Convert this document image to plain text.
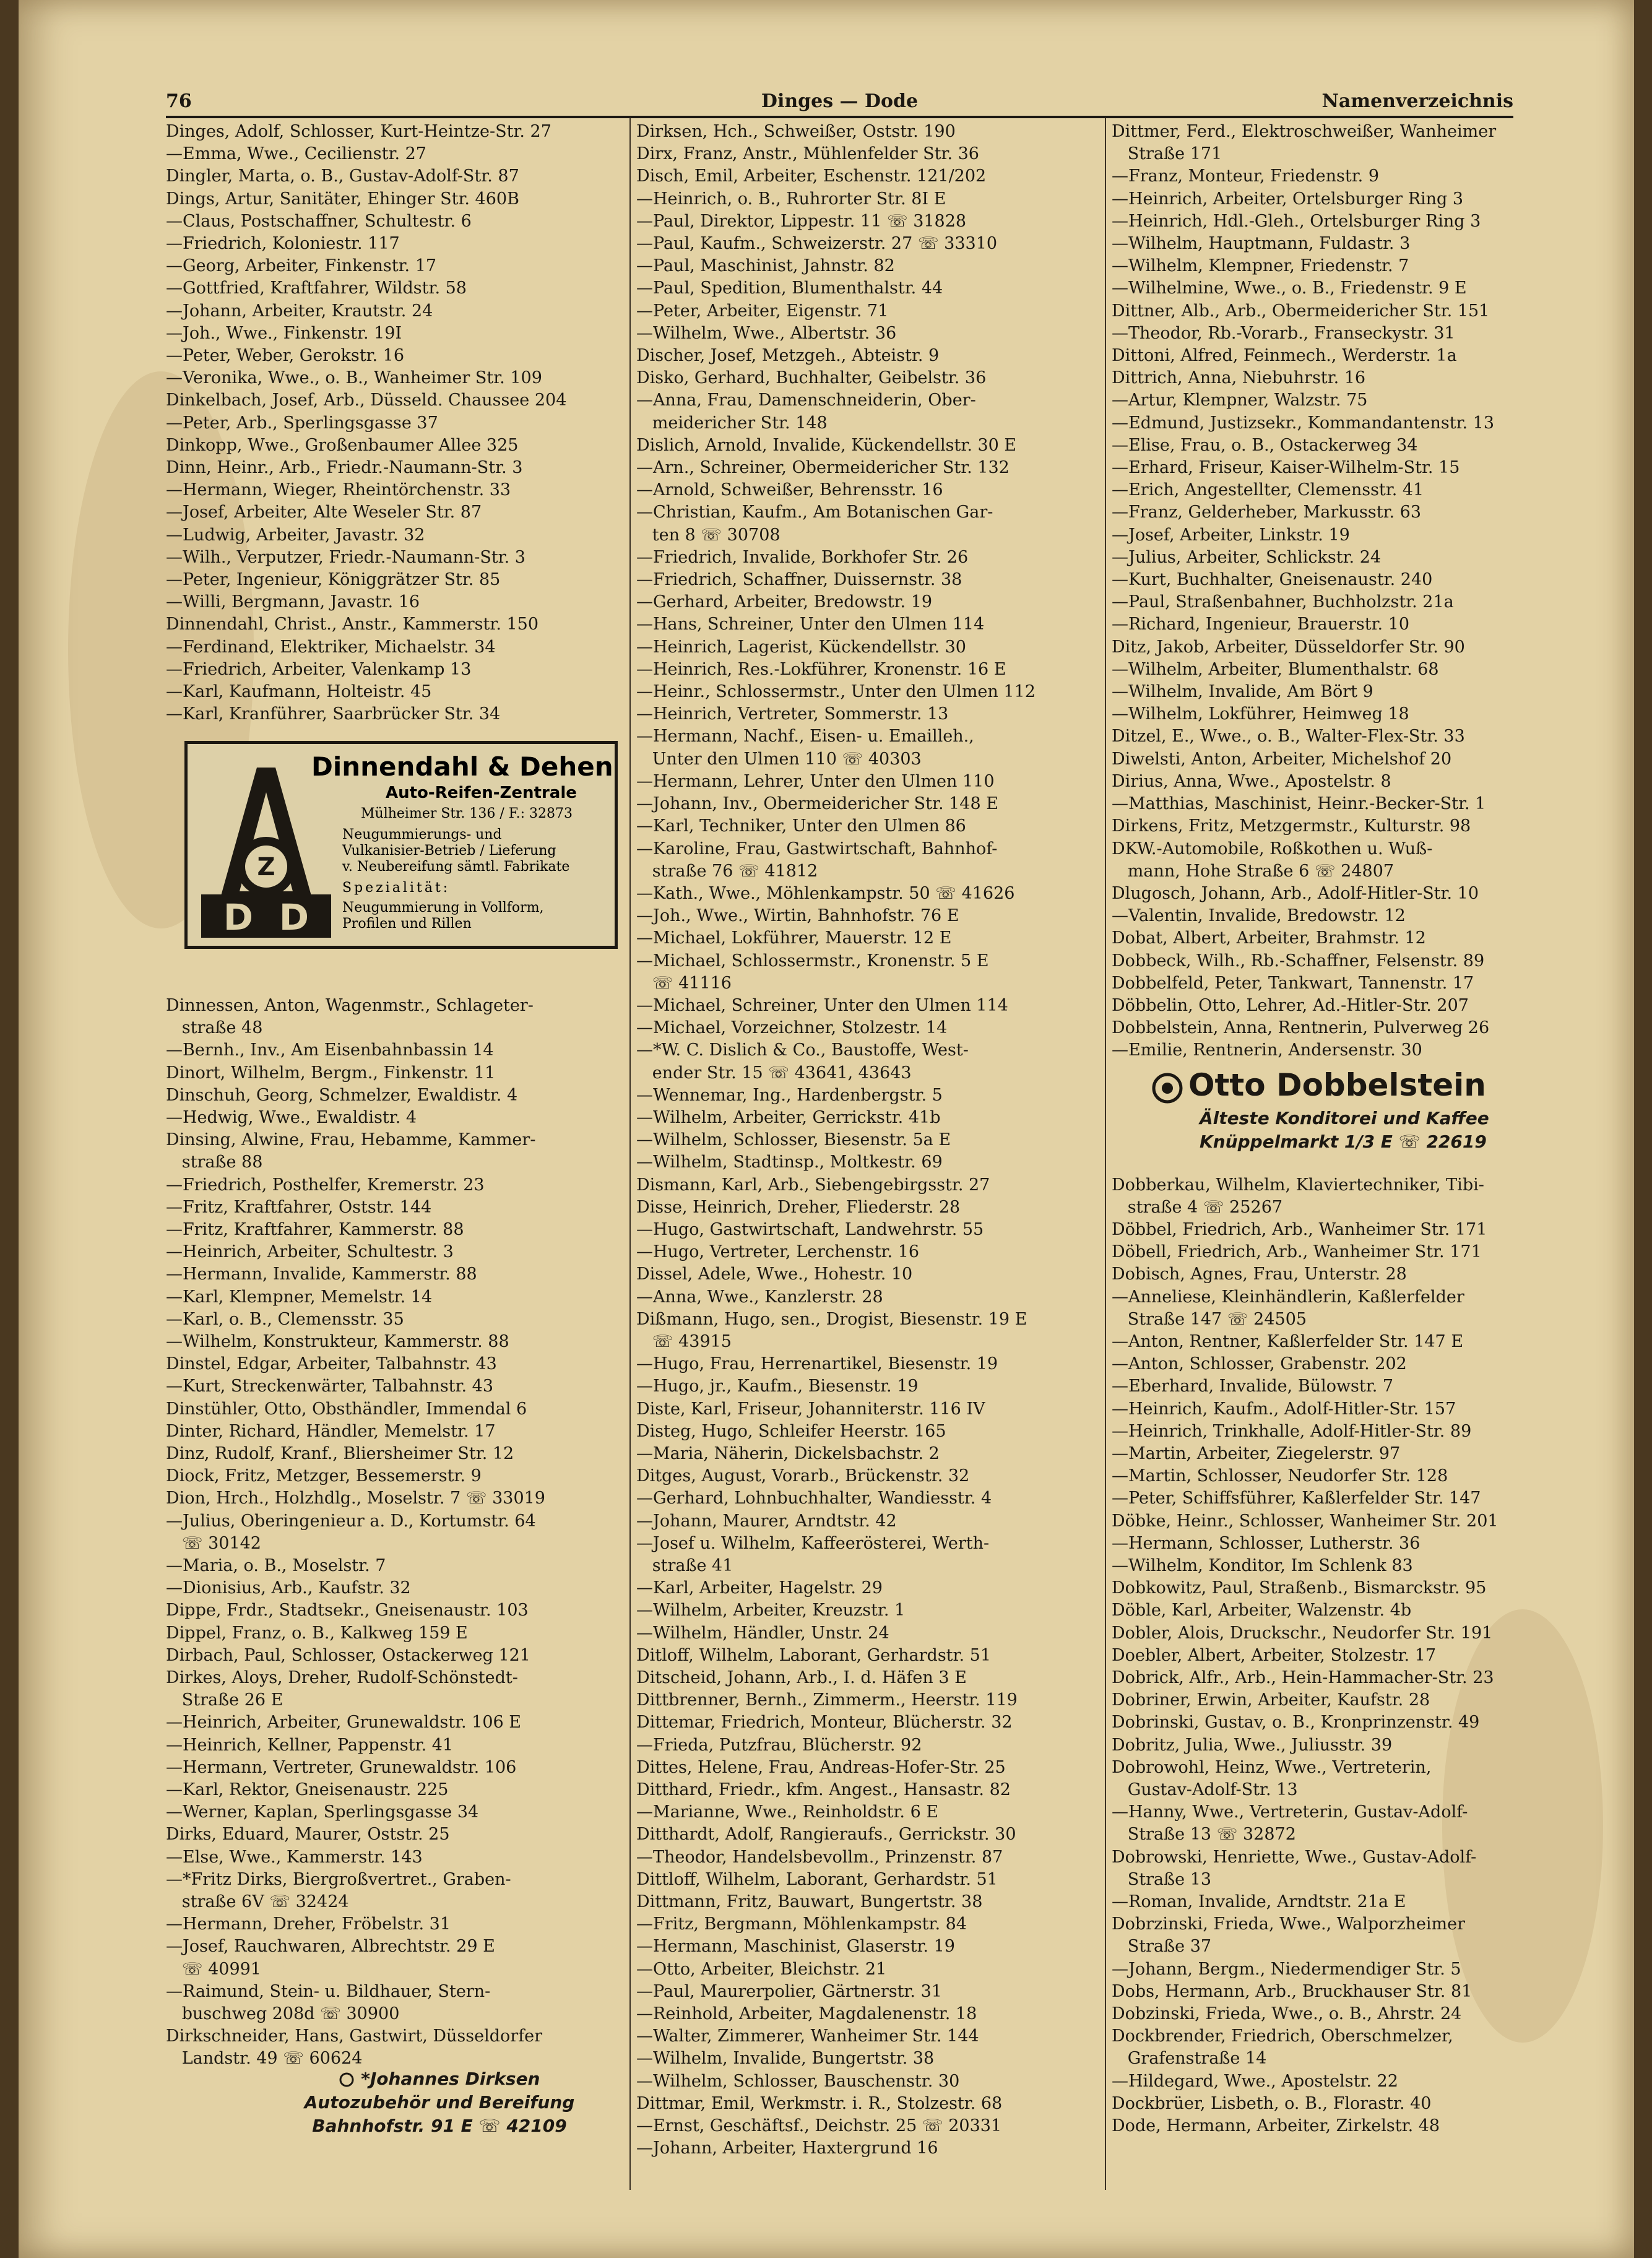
76	Dinges — Dode	Namenverzeichnis
Dinges, Adolf, Schlosser, Kurt-Heintze-Str. 27
—Emma, Wwe., Cecilienstr. 27
Dingler, Marta, o. B., Gustav-Adolf-Str. 87
Dings, Artur, Sanitäter, Ehinger Str. 460B
—Claus, Postschaffner, Schultestr. 6
—Friedrich, Koloniestr. 117
—Georg, Arbeiter, Finkenstr. 17
—Gottfried, Kraftfahrer, Wildstr. 58
—Johann, Arbeiter, Krautstr. 24
—Joh., Wwe., Finkenstr. 19I
—Peter, Weber, Gerokstr. 16
—Veronika, Wwe., o. B., Wanheimer Str. 109
Dinkelbach, Josef, Arb., Düsseld. Chaussee 204
—Peter, Arb., Sperlingsgasse 37
Dinkopp, Wwe., Großenbaumer Allee 325
Dinn, Heinr., Arb., Friedr.-Naumann-Str. 3
—Hermann, Wieger, Rheintörchenstr. 33
—Josef, Arbeiter, Alte Weseler Str. 87
—Ludwig, Arbeiter, Javastr. 32
—Wilh., Verputzer, Friedr.-Naumann-Str. 3
—Peter, Ingenieur, Königgrätzer Str. 85
—Willi, Bergmann, Javastr. 16
Dinnendahl, Christ., Anstr., Kammerstr. 150
—Ferdinand, Elektriker, Michaelstr. 34
—Friedrich, Arbeiter, Valenkamp 13
—Karl, Kaufmann, Holteistr. 45
—Karl, Kranführer, Saarbrücker Str. 34

Dinnessen, Anton, Wagenmstr., Schlageter-
straße 48
—Bernh., Inv., Am Eisenbahnbassin 14
Dinort, Wilhelm, Bergm., Finkenstr. 11
Dinschuh, Georg, Schmelzer, Ewaldistr. 4
—Hedwig, Wwe., Ewaldistr. 4
Dinsing, Alwine, Frau, Hebamme, Kammer-
straße 88
—Friedrich, Posthelfer, Kremerstr. 23
—Fritz, Kraftfahrer, Oststr. 144
—Fritz, Kraftfahrer, Kammerstr. 88
—Heinrich, Arbeiter, Schultestr. 3
—Hermann, Invalide, Kammerstr. 88
—Karl, Klempner, Memelstr. 14
—Karl, o. B., Clemensstr. 35
—Wilhelm, Konstrukteur, Kammerstr. 88
Dinstel, Edgar, Arbeiter, Talbahnstr. 43
—Kurt, Streckenwärter, Talbahnstr. 43
Dinstühler, Otto, Obsthändler, Immendal 6
Dinter, Richard, Händler, Memelstr. 17
Dinz, Rudolf, Kranf., Bliersheimer Str. 12
Diock, Fritz, Metzger, Bessemerstr. 9
Dion, Hrch., Holzhdlg., Moselstr. 7 ☏ 33019
—Julius, Oberingenieur a. D., Kortumstr. 64
☏ 30142
—Maria, o. B., Moselstr. 7
—Dionisius, Arb., Kaufstr. 32
Dippe, Frdr., Stadtsekr., Gneisenaustr. 103
Dippel, Franz, o. B., Kalkweg 159 E
Dirbach, Paul, Schlosser, Ostackerweg 121
Dirkes, Aloys, Dreher, Rudolf-Schönstedt-
Straße 26 E
—Heinrich, Arbeiter, Grunewaldstr. 106 E
—Heinrich, Kellner, Pappenstr. 41
—Hermann, Vertreter, Grunewaldstr. 106
—Karl, Rektor, Gneisenaustr. 225
—Werner, Kaplan, Sperlingsgasse 34
Dirks, Eduard, Maurer, Oststr. 25
—Else, Wwe., Kammerstr. 143
—*Fritz Dirks, Biergroßvertret., Graben-
straße 6V ☏ 32424
—Hermann, Dreher, Fröbelstr. 31
—Josef, Rauchwaren, Albrechtstr. 29 E
☏ 40991
—Raimund, Stein- u. Bildhauer, Stern-
buschweg 208d ☏ 30900
Dirkschneider, Hans, Gastwirt, Düsseldorfer
Landstr. 49 ☏ 60624
Dirksen, Hch., Schweißer, Oststr. 190
Dirx, Franz, Anstr., Mühlenfelder Str. 36
Disch, Emil, Arbeiter, Eschenstr. 121/202
—Heinrich, o. B., Ruhrorter Str. 8I E
—Paul, Direktor, Lippestr. 11 ☏ 31828
—Paul, Kaufm., Schweizerstr. 27 ☏ 33310
—Paul, Maschinist, Jahnstr. 82
—Paul, Spedition, Blumenthalstr. 44
—Peter, Arbeiter, Eigenstr. 71
—Wilhelm, Wwe., Albertstr. 36
Discher, Josef, Metzgeh., Abteistr. 9
Disko, Gerhard, Buchhalter, Geibelstr. 36
—Anna, Frau, Damenschneiderin, Ober-
meidericher Str. 148
Dislich, Arnold, Invalide, Kückendellstr. 30 E
—Arn., Schreiner, Obermeidericher Str. 132
—Arnold, Schweißer, Behrensstr. 16
—Christian, Kaufm., Am Botanischen Gar-
ten 8 ☏ 30708
—Friedrich, Invalide, Borkhofer Str. 26
—Friedrich, Schaffner, Duissernstr. 38
—Gerhard, Arbeiter, Bredowstr. 19
—Hans, Schreiner, Unter den Ulmen 114
—Heinrich, Lagerist, Kückendellstr. 30
—Heinrich, Res.-Lokführer, Kronenstr. 16 E
—Heinr., Schlossermstr., Unter den Ulmen 112
—Heinrich, Vertreter, Sommerstr. 13
—Hermann, Nachf., Eisen- u. Emailleh.,
Unter den Ulmen 110 ☏ 40303
—Hermann, Lehrer, Unter den Ulmen 110
—Johann, Inv., Obermeidericher Str. 148 E
—Karl, Techniker, Unter den Ulmen 86
—Karoline, Frau, Gastwirtschaft, Bahnhof-
straße 76 ☏ 41812
—Kath., Wwe., Möhlenkampstr. 50 ☏ 41626
—Joh., Wwe., Wirtin, Bahnhofstr. 76 E
—Michael, Lokführer, Mauerstr. 12 E
—Michael, Schlossermstr., Kronenstr. 5 E
☏ 41116
—Michael, Schreiner, Unter den Ulmen 114
—Michael, Vorzeichner, Stolzestr. 14
—*W. C. Dislich & Co., Baustoffe, West-
ender Str. 15 ☏ 43641, 43643
—Wennemar, Ing., Hardenbergstr. 5
—Wilhelm, Arbeiter, Gerrickstr. 41b
—Wilhelm, Schlosser, Biesenstr. 5a E
—Wilhelm, Stadtinsp., Moltkestr. 69
Dismann, Karl, Arb., Siebengebirgsstr. 27
Disse, Heinrich, Dreher, Fliederstr. 28
—Hugo, Gastwirtschaft, Landwehrstr. 55
—Hugo, Vertreter, Lerchenstr. 16
Dissel, Adele, Wwe., Hohestr. 10
—Anna, Wwe., Kanzlerstr. 28
Dißmann, Hugo, sen., Drogist, Biesenstr. 19 E
☏ 43915
—Hugo, Frau, Herrenartikel, Biesenstr. 19
—Hugo, jr., Kaufm., Biesenstr. 19
Diste, Karl, Friseur, Johanniterstr. 116 IV
Disteg, Hugo, Schleifer Heerstr. 165
—Maria, Näherin, Dickelsbachstr. 2
Ditges, August, Vorarb., Brückenstr. 32
—Gerhard, Lohnbuchhalter, Wandiesstr. 4
—Johann, Maurer, Arndtstr. 42
—Josef u. Wilhelm, Kaffeerösterei, Werth-
straße 41
—Karl, Arbeiter, Hagelstr. 29
—Wilhelm, Arbeiter, Kreuzstr. 1
—Wilhelm, Händler, Unstr. 24
Ditloff, Wilhelm, Laborant, Gerhardstr. 51
Ditscheid, Johann, Arb., I. d. Häfen 3 E
Dittbrenner, Bernh., Zimmerm., Heerstr. 119
Dittemar, Friedrich, Monteur, Blücherstr. 32
—Frieda, Putzfrau, Blücherstr. 92
Dittes, Helene, Frau, Andreas-Hofer-Str. 25
Ditthard, Friedr., kfm. Angest., Hansastr. 82
—Marianne, Wwe., Reinholdstr. 6 E
Ditthardt, Adolf, Rangieraufs., Gerrickstr. 30
—Theodor, Handelsbevollm., Prinzenstr. 87
Dittloff, Wilhelm, Laborant, Gerhardstr. 51
Dittmann, Fritz, Bauwart, Bungertstr. 38
—Fritz, Bergmann, Möhlenkampstr. 84
—Hermann, Maschinist, Glaserstr. 19
—Otto, Arbeiter, Bleichstr. 21
—Paul, Maurerpolier, Gärtnerstr. 31
—Reinhold, Arbeiter, Magdalenenstr. 18
—Walter, Zimmerer, Wanheimer Str. 144
—Wilhelm, Invalide, Bungertstr. 38
—Wilhelm, Schlosser, Bauschenstr. 30
Dittmar, Emil, Werkmstr. i. R., Stolzestr. 68
—Ernst, Geschäftsf., Deichstr. 25 ☏ 20331
—Johann, Arbeiter, Haxtergrund 16
Dittmer, Ferd., Elektroschweißer, Wanheimer
Straße 171
—Franz, Monteur, Friedenstr. 9
—Heinrich, Arbeiter, Ortelsburger Ring 3
—Heinrich, Hdl.-Gleh., Ortelsburger Ring 3
—Wilhelm, Hauptmann, Fuldastr. 3
—Wilhelm, Klempner, Friedenstr. 7
—Wilhelmine, Wwe., o. B., Friedenstr. 9 E
Dittner, Alb., Arb., Obermeidericher Str. 151
—Theodor, Rb.-Vorarb., Franseckystr. 31
Dittoni, Alfred, Feinmech., Werderstr. 1a
Dittrich, Anna, Niebuhrstr. 16
—Artur, Klempner, Walzstr. 75
—Edmund, Justizsekr., Kommandantenstr. 13
—Elise, Frau, o. B., Ostackerweg 34
—Erhard, Friseur, Kaiser-Wilhelm-Str. 15
—Erich, Angestellter, Clemensstr. 41
—Franz, Gelderheber, Markusstr. 63
—Josef, Arbeiter, Linkstr. 19
—Julius, Arbeiter, Schlickstr. 24
—Kurt, Buchhalter, Gneisenaustr. 240
—Paul, Straßenbahner, Buchholzstr. 21a
—Richard, Ingenieur, Brauerstr. 10
Ditz, Jakob, Arbeiter, Düsseldorfer Str. 90
—Wilhelm, Arbeiter, Blumenthalstr. 68
—Wilhelm, Invalide, Am Bört 9
—Wilhelm, Lokführer, Heimweg 18
Ditzel, E., Wwe., o. B., Walter-Flex-Str. 33
Diwelsti, Anton, Arbeiter, Michelshof 20
Dirius, Anna, Wwe., Apostelstr. 8
—Matthias, Maschinist, Heinr.-Becker-Str. 1
Dirkens, Fritz, Metzgermstr., Kulturstr. 98
DKW.-Automobile, Roßkothen u. Wuß-
mann, Hohe Straße 6 ☏ 24807
Dlugosch, Johann, Arb., Adolf-Hitler-Str. 10
—Valentin, Invalide, Bredowstr. 12
Dobat, Albert, Arbeiter, Brahmstr. 12
Dobbeck, Wilh., Rb.-Schaffner, Felsenstr. 89
Dobbelfeld, Peter, Tankwart, Tannenstr. 17
Döbbelin, Otto, Lehrer, Ad.-Hitler-Str. 207
Dobbelstein, Anna, Rentnerin, Pulverweg 26
—Emilie, Rentnerin, Andersenstr. 30

Dobberkau, Wilhelm, Klaviertechniker, Tibi-
straße 4 ☏ 25267
Döbbel, Friedrich, Arb., Wanheimer Str. 171
Döbell, Friedrich, Arb., Wanheimer Str. 171
Dobisch, Agnes, Frau, Unterstr. 28
—Anneliese, Kleinhändlerin, Kaßlerfelder
Straße 147 ☏ 24505
—Anton, Rentner, Kaßlerfelder Str. 147 E
—Anton, Schlosser, Grabenstr. 202
—Eberhard, Invalide, Bülowstr. 7
—Heinrich, Kaufm., Adolf-Hitler-Str. 157
—Heinrich, Trinkhalle, Adolf-Hitler-Str. 89
—Martin, Arbeiter, Ziegelerstr. 97
—Martin, Schlosser, Neudorfer Str. 128
—Peter, Schiffsführer, Kaßlerfelder Str. 147
Döbke, Heinr., Schlosser, Wanheimer Str. 201
—Hermann, Schlosser, Lutherstr. 36
—Wilhelm, Konditor, Im Schlenk 83
Dobkowitz, Paul, Straßenb., Bismarckstr. 95
Döble, Karl, Arbeiter, Walzenstr. 4b
Dobler, Alois, Druckschr., Neudorfer Str. 191
Doebler, Albert, Arbeiter, Stolzestr. 17
Dobrick, Alfr., Arb., Hein-Hammacher-Str. 23
Dobriner, Erwin, Arbeiter, Kaufstr. 28
Dobrinski, Gustav, o. B., Kronprinzenstr. 49
Dobritz, Julia, Wwe., Juliusstr. 39
Dobrowohl, Heinz, Wwe., Vertreterin,
Gustav-Adolf-Str. 13
—Hanny, Wwe., Vertreterin, Gustav-Adolf-
Straße 13 ☏ 32872
Dobrowski, Henriette, Wwe., Gustav-Adolf-
Straße 13
—Roman, Invalide, Arndtstr. 21a E
Dobrzinski, Frieda, Wwe., Walporzheimer
Straße 37
—Johann, Bergm., Niedermendiger Str. 5
Dobs, Hermann, Arb., Bruckhauser Str. 81
Dobzinski, Frieda, Wwe., o. B., Ahrstr. 24
Dockbrender, Friedrich, Oberschmelzer,
Grafenstraße 14
—Hildegard, Wwe., Apostelstr. 22
Dockbrüer, Lisbeth, o. B., Florastr. 40
Dode, Hermann, Arbeiter, Zirkelstr. 48
Z
D D
Dinnendahl & Dehen
Auto-Reifen-Zentrale
Mülheimer Str. 136 / F.: 32873
Neugummierungs- und
Vulkanisier-Betrieb / Lieferung
v. Neubereifung sämtl. Fabrikate
Spezialität:
Neugummierung in Vollform,
Profilen und Rillen
Otto Dobbelstein
Älteste Konditorei und Kaffee
Knüppelmarkt 1/3 E ☏ 22619
*Johannes Dirksen
Autozubehör und Bereifung
Bahnhofstr. 91 E ☏ 42109
